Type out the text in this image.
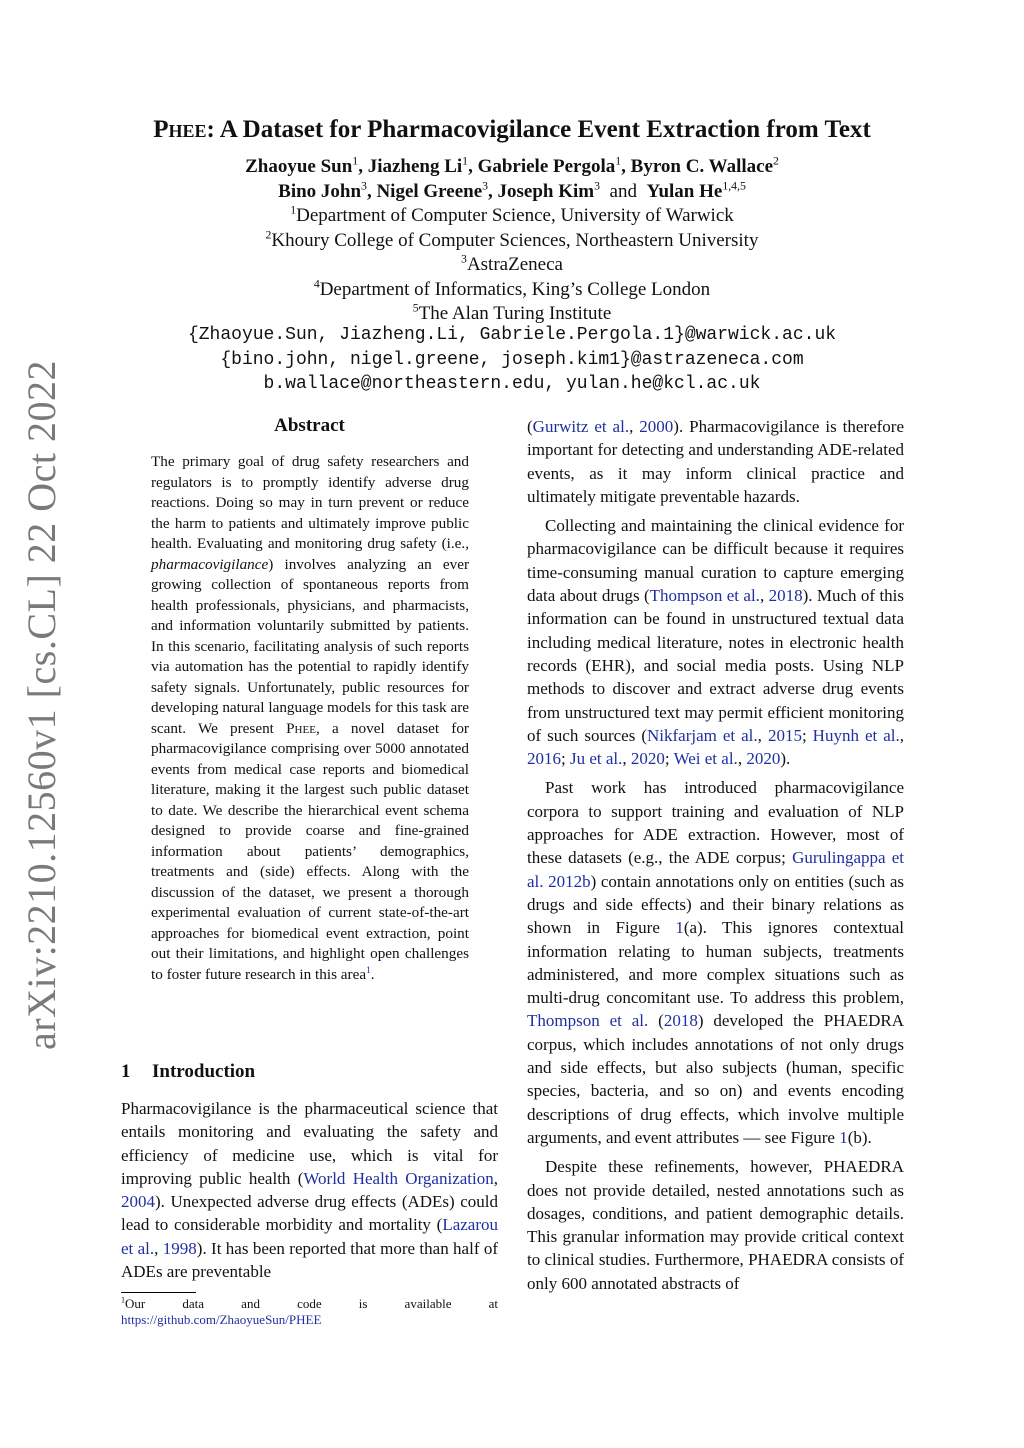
arXiv:2210.12560v1 [cs.CL] 22 Oct 2022
Phee: A Dataset for Pharmacovigilance Event Extraction from Text
Zhaoyue Sun$^1$, Jiazheng Li$^1$, Gabriele Pergola$^1$, Byron C. Wallace$^2$
Bino John$^3$, Nigel Greene$^3$, Joseph Kim$^3$  and  Yulan He$^{1,4,5}$
$^1$Department of Computer Science, University of Warwick
$^2$Khoury College of Computer Sciences, Northeastern University
$^3$AstraZeneca
$^4$Department of Informatics, King’s College London
$^5$The Alan Turing Institute
{Zhaoyue.Sun, Jiazheng.Li, Gabriele.Pergola.1}@warwick.ac.uk
{bino.john, nigel.greene, joseph.kim1}@astrazeneca.com
b.wallace@northeastern.edu, yulan.he@kcl.ac.uk
Abstract
The primary goal of drug safety researchers and regulators is to promptly identify adverse drug reactions. Doing so may in turn prevent or reduce the harm to patients and ultimately improve public health. Evaluating and monitoring drug safety (i.e., pharmacovigilance) involves analyzing an ever growing collection of spontaneous reports from health professionals, physicians, and pharmacists, and information voluntarily submitted by patients. In this scenario, facilitating analysis of such reports via automation has the potential to rapidly identify safety signals. Unfortunately, public resources for developing natural language models for this task are scant. We present Phee, a novel dataset for pharmacovigilance comprising over 5000 annotated events from medical case reports and biomedical literature, making it the largest such public dataset to date. We describe the hierarchical event schema designed to provide coarse and fine-grained information about patients’ demographics, treatments and (side) effects. Along with the discussion of the dataset, we present a thorough experimental evaluation of current state-of-the-art approaches for biomedical event extraction, point out their limitations, and highlight open challenges to foster future research in this area$^1$.
1 Introduction
Pharmacovigilance is the pharmaceutical science that entails monitoring and evaluating the safety and efficiency of medicine use, which is vital for improving public health (World Health Organization, 2004). Unexpected adverse drug effects (ADEs) could lead to considerable morbidity and mortality (Lazarou et al., 1998). It has been reported that more than half of ADEs are preventable

(Gurwitz et al., 2000). Pharmacovigilance is therefore important for detecting and understanding ADE-related events, as it may inform clinical practice and ultimately mitigate preventable hazards.

Collecting and maintaining the clinical evidence for pharmacovigilance can be difficult because it requires time-consuming manual curation to capture emerging data about drugs (Thompson et al., 2018). Much of this information can be found in unstructured textual data including medical literature, notes in electronic health records (EHR), and social media posts. Using NLP methods to discover and extract adverse drug events from unstructured text may permit efficient monitoring of such sources (Nikfarjam et al., 2015; Huynh et al., 2016; Ju et al., 2020; Wei et al., 2020).

Past work has introduced pharmacovigilance corpora to support training and evaluation of NLP approaches for ADE extraction. However, most of these datasets (e.g., the ADE corpus; Gurulingappa et al. 2012b) contain annotations only on entities (such as drugs and side effects) and their binary relations as shown in Figure 1(a). This ignores contextual information relating to human subjects, treatments administered, and more complex situations such as multi-drug concomitant use. To address this problem, Thompson et al. (2018) developed the PHAEDRA corpus, which includes annotations of not only drugs and side effects, but also subjects (human, specific species, bacteria, and so on) and events encoding descriptions of drug effects, which involve multiple arguments, and event attributes — see Figure 1(b).

Despite these refinements, however, PHAEDRA does not provide detailed, nested annotations such as dosages, conditions, and patient demographic details. This granular information may provide critical context to clinical studies. Furthermore, PHAEDRA consists of only 600 annotated abstracts of

$^1$Our data and code is available at
https://github.com/ZhaoyueSun/PHEE
